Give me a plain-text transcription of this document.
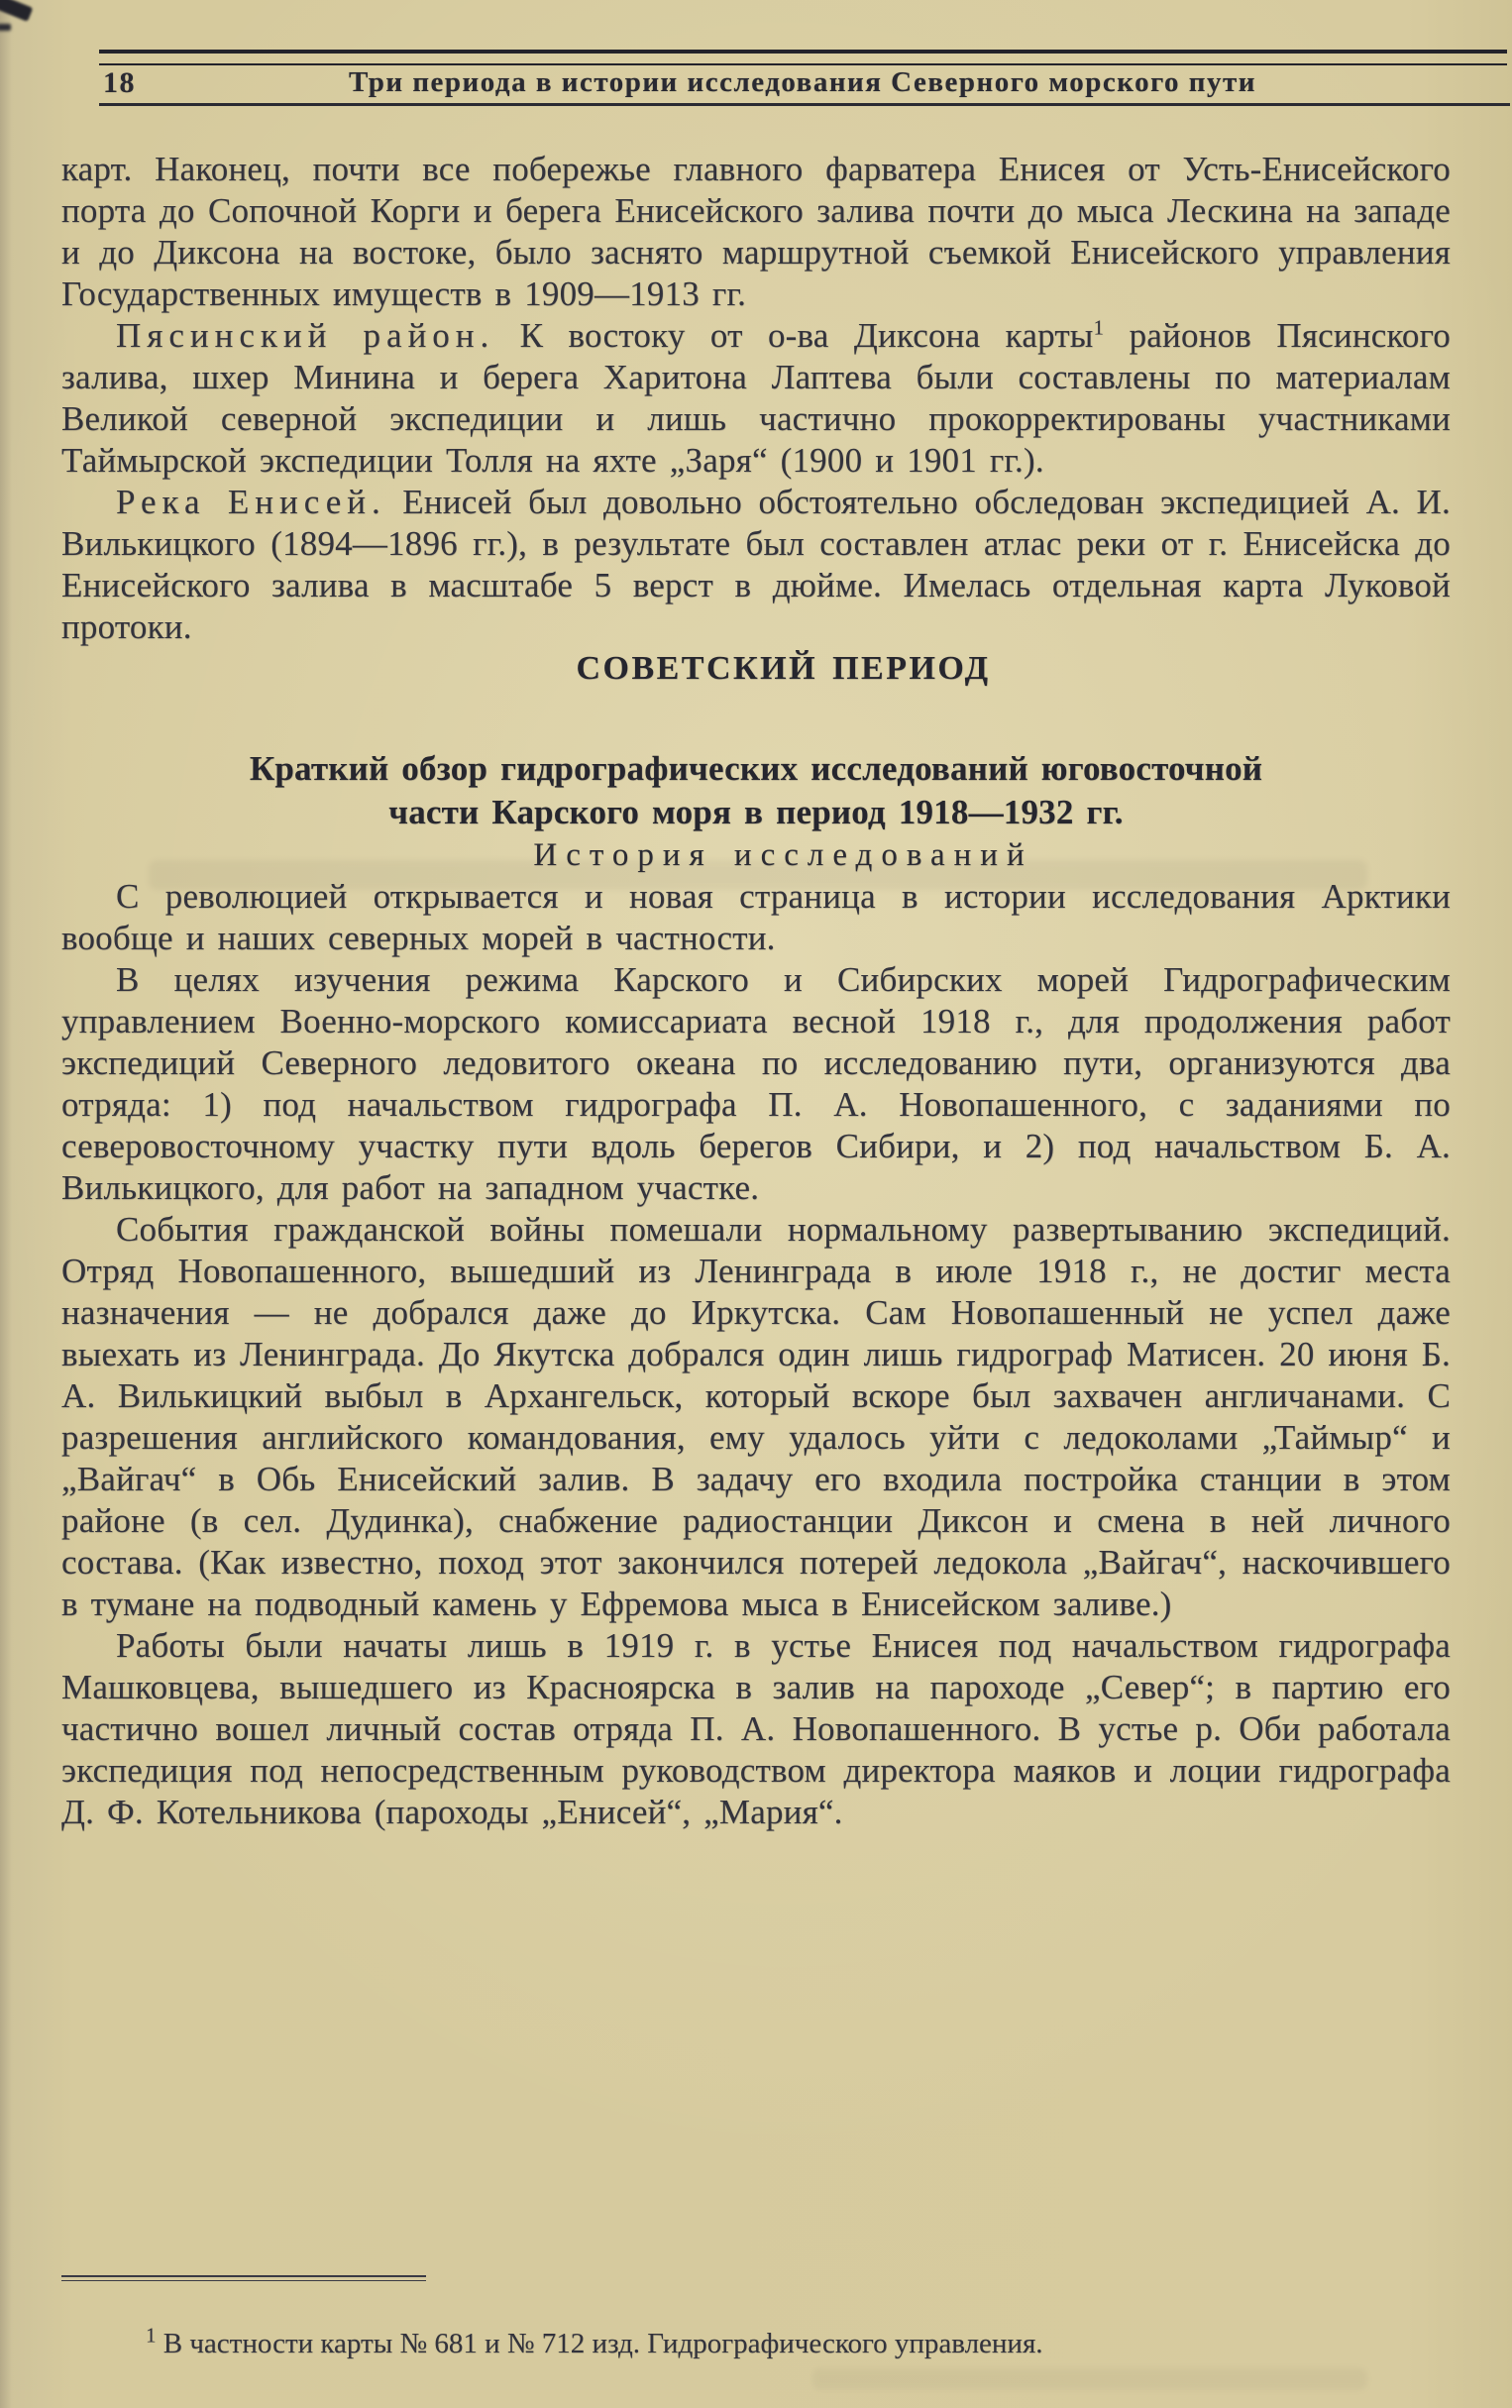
18	Три периода в истории исследования Северного морского пути

карт. Наконец, почти все побережье главного фарватера Енисея от Усть-Енисейского порта до Сопочной Корги и берега Енисейского залива почти до мыса Лескина на западе и до Диксона на востоке, было заснято маршрутной съемкой Енисейского управления Государственных имуществ в 1909—1913 гг.

Пясинский район. К востоку от о-ва Диксона карты$^1$ районов Пясинского залива, шхер Минина и берега Харитона Лаптева были составлены по материалам Великой северной экспедиции и лишь частично прокорректированы участниками Таймырской экспедиции Толля на яхте „Заря“ (1900 и 1901 гг.).

Река Енисей. Енисей был довольно обстоятельно обследован экспедицией А. И. Вилькицкого (1894—1896 гг.), в результате был составлен атлас реки от г. Енисейска до Енисейского залива в масштабе 5 верст в дюйме. Имелась отдельная карта Луковой протоки.

СОВЕТСКИЙ ПЕРИОД

Краткий обзор гидрографических исследований юговосточной
части Карского моря в период 1918—1932 гг.

История исследований

С революцией открывается и новая страница в истории исследования Арктики вообще и наших северных морей в частности.

В целях изучения режима Карского и Сибирских морей Гидрографическим управлением Военно-морского комиссариата весной 1918 г., для продолжения работ экспедиций Северного ледовитого океана по исследованию пути, организуются два отряда: 1) под начальством гидрографа П. А. Новопашенного, с заданиями по северовосточному участку пути вдоль берегов Сибири, и 2) под начальством Б. А. Вилькицкого, для работ на западном участке.

События гражданской войны помешали нормальному развертыванию экспедиций. Отряд Новопашенного, вышедший из Ленинграда в июле 1918 г., не достиг места назначения — не добрался даже до Иркутска. Сам Новопашенный не успел даже выехать из Ленинграда. До Якутска добрался один лишь гидрограф Матисен. 20 июня Б. А. Вилькицкий выбыл в Архангельск, который вскоре был захвачен англичанами. С разрешения английского командования, ему удалось уйти с ледоколами „Таймыр“ и „Вайгач“ в Обь Енисейский залив. В задачу его входила постройка станции в этом районе (в сел. Дудинка), снабжение радиостанции Диксон и смена в ней личного состава. (Как известно, поход этот закончился потерей ледокола „Вайгач“, наскочившего в тумане на подводный камень у Ефремова мыса в Енисейском заливе.)

Работы были начаты лишь в 1919 г. в устье Енисея под начальством гидрографа Машковцева, вышедшего из Красноярска в залив на пароходе „Север“; в партию его частично вошел личный состав отряда П. А. Новопашенного. В устье р. Оби работала экспедиция под непосредственным руководством директора маяков и лоции гидрографа Д. Ф. Котельникова (пароходы „Енисей“, „Мария“.

$^1$ В частности карты № 681 и № 712 изд. Гидрографического управления.
